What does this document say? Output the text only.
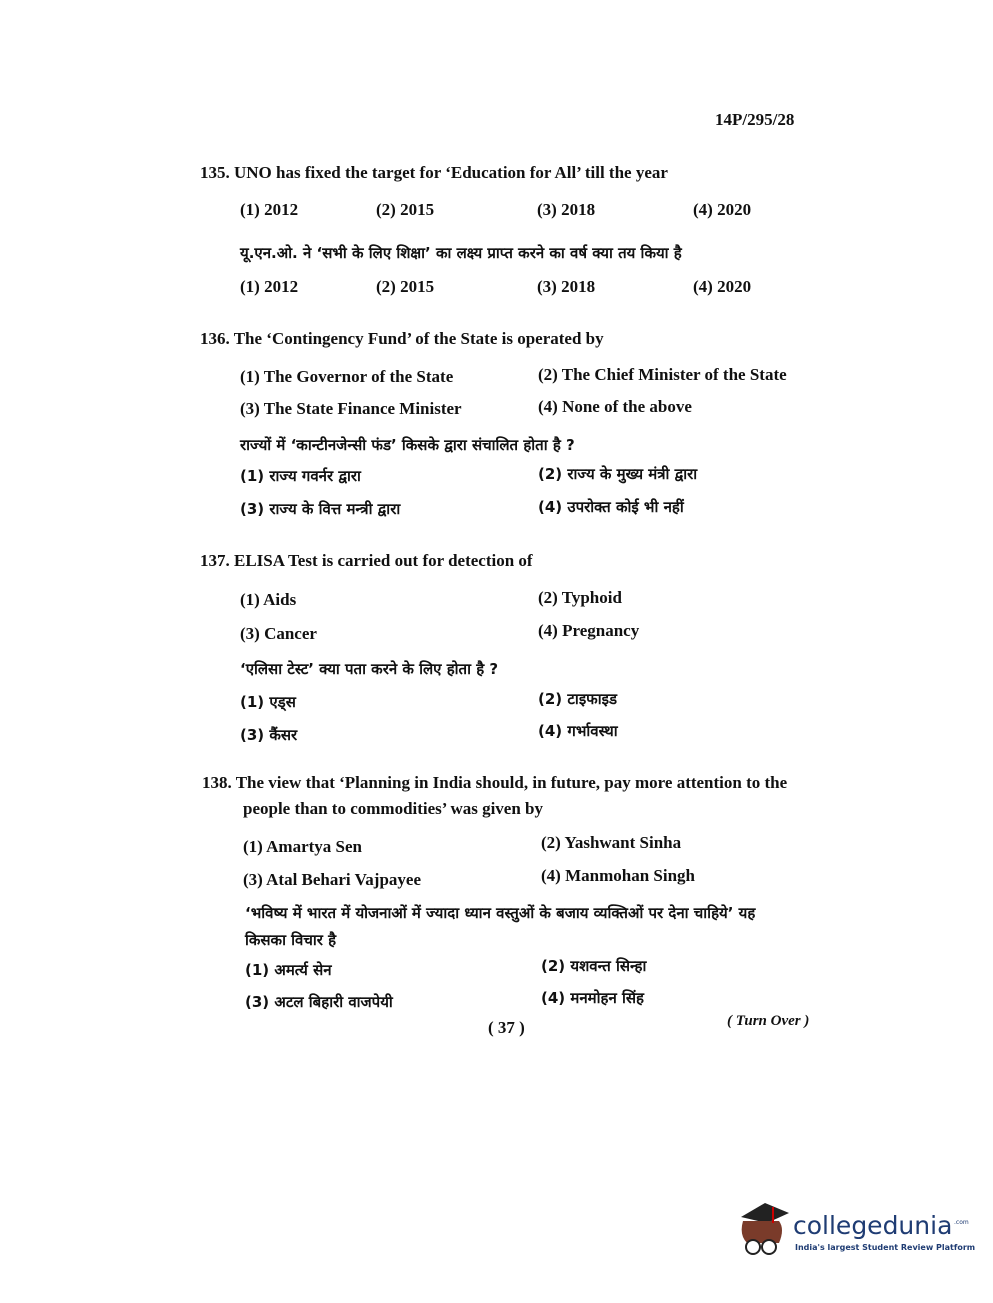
14P/295/28
135. UNO has fixed the target for ‘Education for All’ till the year
(1) 2012	(2) 2015	(3) 2018	(4) 2020
यू.एन.ओ. ने ‘सभी के लिए शिक्षा’ का लक्ष्य प्राप्त करने का वर्ष क्या तय किया है
(1) 2012	(2) 2015	(3) 2018	(4) 2020
136. The ‘Contingency Fund’ of the State is operated by
(1) The Governor of the State	(2) The Chief Minister of the State
(3) The State Finance Minister	(4) None of the above
राज्यों में ‘कान्टीनजेन्सी फंड’ किसके द्वारा संचालित होता है ?
(1) राज्य गवर्नर द्वारा	(2) राज्य के मुख्य मंत्री द्वारा
(3) राज्य के वित्त मन्त्री द्वारा	(4) उपरोक्त कोई भी नहीं
137. ELISA Test is carried out for detection of
(1) Aids	(2) Typhoid
(3) Cancer	(4) Pregnancy
‘एलिसा टेस्ट’ क्या पता करने के लिए होता है ?
(1) एड्स	(2) टाइफाइड
(3) कैंसर	(4) गर्भावस्था
138. The view that ‘Planning in India should, in future, pay more attention to the
people than to commodities’ was given by
(1) Amartya Sen	(2) Yashwant Sinha
(3) Atal Behari Vajpayee	(4) Manmohan Singh
‘भविष्य में भारत में योजनाओं में ज्यादा ध्यान वस्तुओं के बजाय व्यक्तिओं पर देना चाहिये’ यह
किसका विचार है
(1) अमर्त्य सेन	(2) यशवन्त सिन्हा
(3) अटल बिहारी वाजपेयी	(4) मनमोहन सिंह
( 37 )	( Turn Over )
collegedunia .com
India's largest Student Review Platform
